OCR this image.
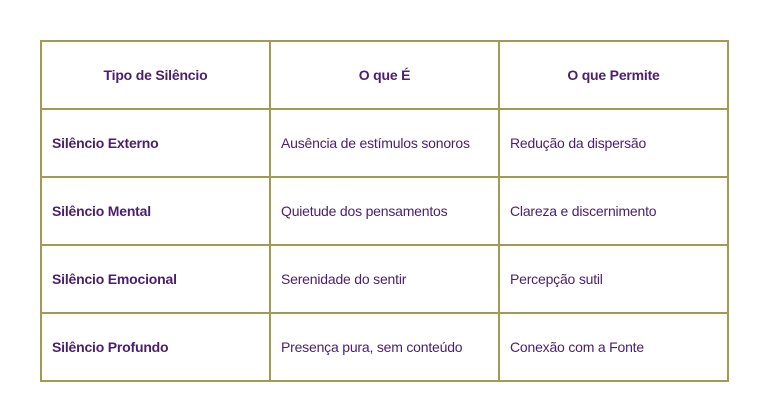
Tipo de Silêncio	O que É	O que Permite
Silêncio Externo	Ausência de estímulos sonoros	Redução da dispersão
Silêncio Mental	Quietude dos pensamentos	Clareza e discernimento
Silêncio Emocional	Serenidade do sentir	Percepção sutil
Silêncio Profundo	Presença pura, sem conteúdo	Conexão com a Fonte
